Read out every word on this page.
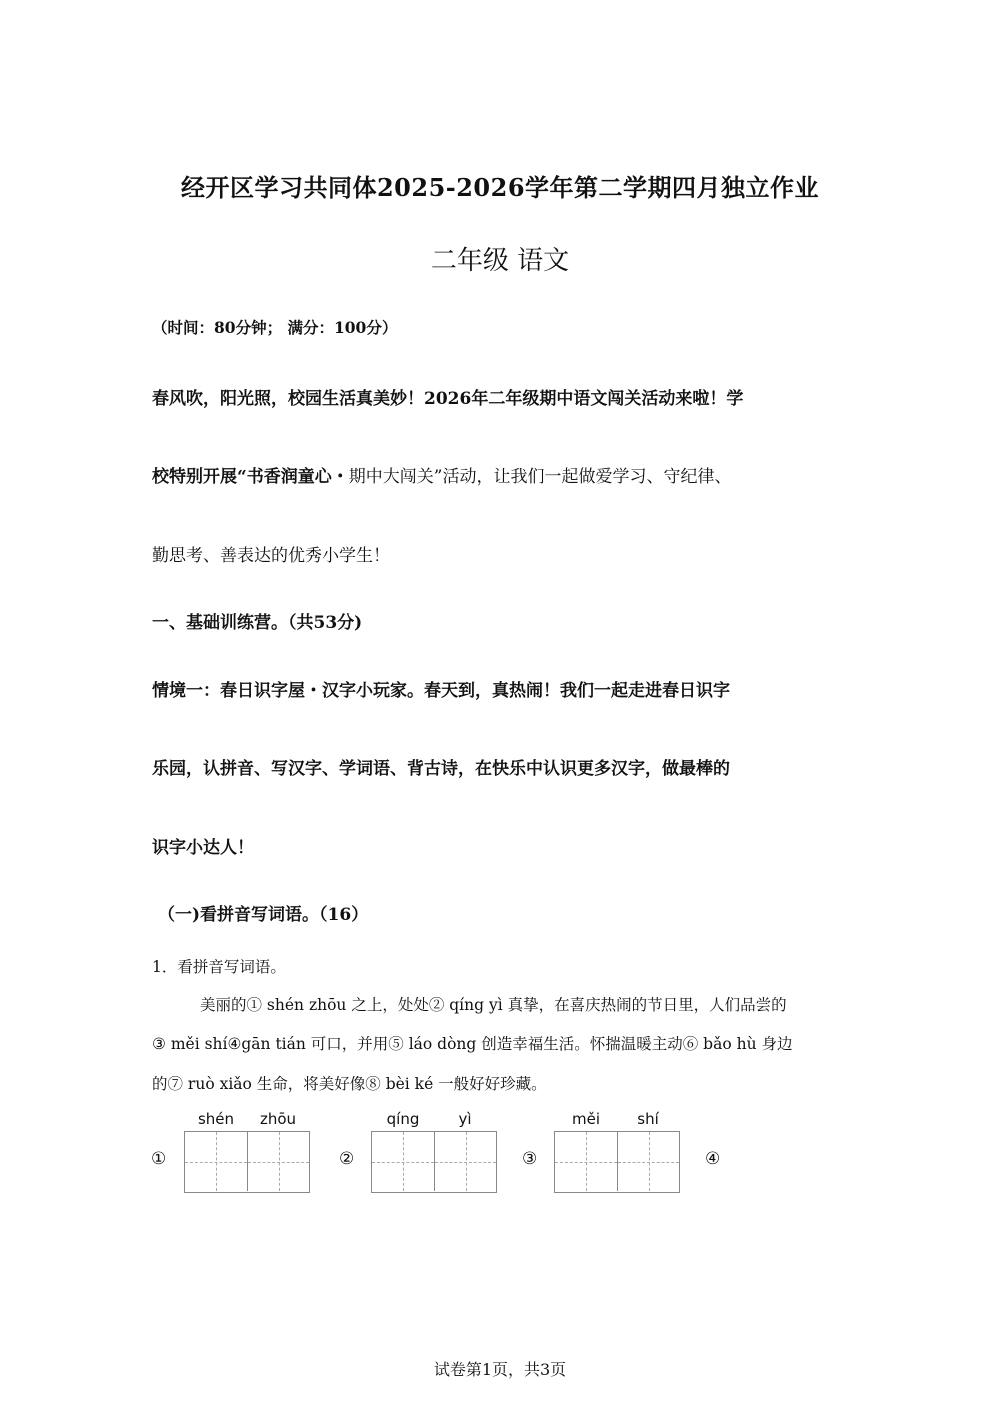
经开区学习共同体2025-2026学年第二学期四月独立作业
二年级 语文
（时间：80分钟； 满分：100分）
春风吹，阳光照，校园生活真美妙！2026年二年级期中语文闯关活动来啦！学
校特别开展“书香润童心・期中大闯关”活动，让我们一起做爱学习、守纪律、
勤思考、善表达的优秀小学生！
一、基础训练营。（共53分)
情境一：春日识字屋・汉字小玩家。春天到，真热闹！我们一起走进春日识字
乐园，认拼音、写汉字、学词语、背古诗，在快乐中认识更多汉字，做最棒的
识字小达人！
（一)看拼音写词语。（16）
1．看拼音写词语。
美丽的① shén zhōu 之上，处处② qíng yì 真挚，在喜庆热闹的节日里，人们品尝的
③ měi shí④gān tián 可口，并用⑤ láo dòng 创造幸福生活。怀揣温暖主动⑥ bǎo hù 身边
的⑦ ruò xiǎo 生命，将美好像⑧ bèi ké 一般好好珍藏。
①
shén	zhōu
②
qíng	yì
③
měi	shí
④
试卷第1页，共3页
